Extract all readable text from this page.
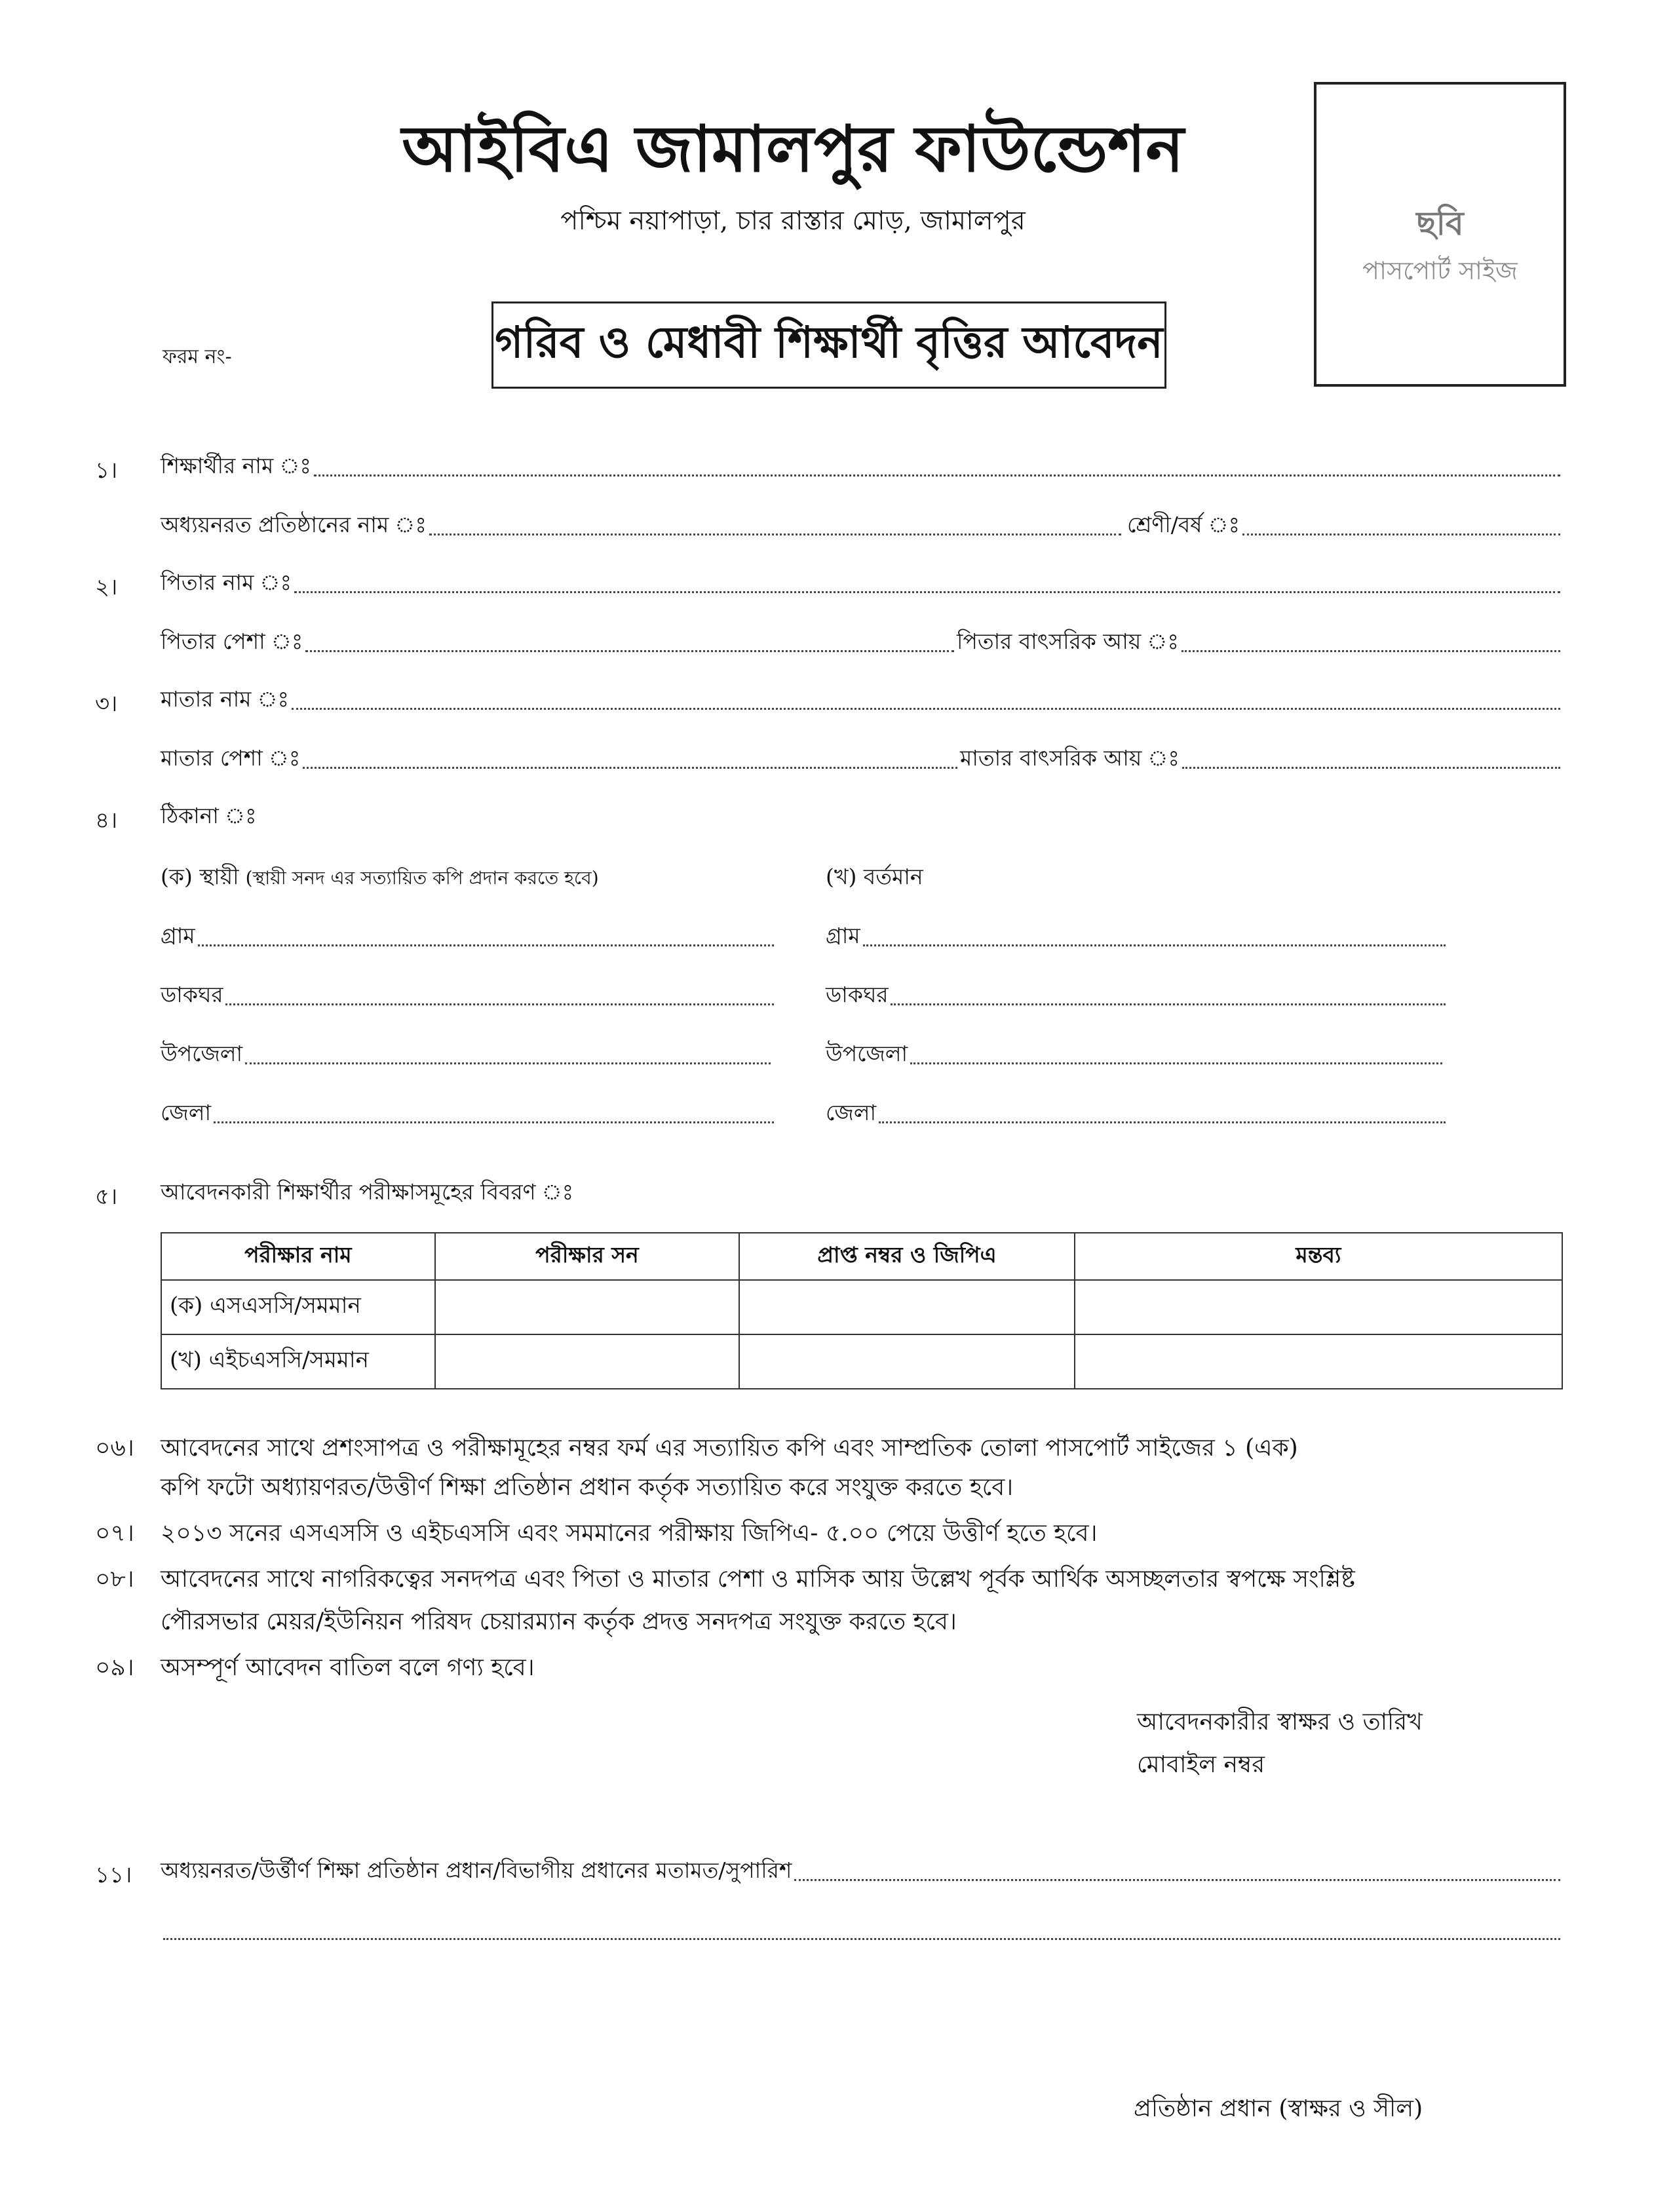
আইবিএ জামালপুর ফাউন্ডেশন
পশ্চিম নয়াপাড়া, চার রাস্তার মোড়, জামালপুর	ছবি
পাসপোর্ট সাইজ
ফরম নং-	গরিব ও মেধাবী শিক্ষার্থী বৃত্তির আবেদন
১। শিক্ষার্থীর নাম ঃ
অধ্যয়নরত প্রতিষ্ঠানের নাম ঃ	শ্রেণী/বর্ষ ঃ
২। পিতার নাম ঃ
পিতার পেশা ঃ	পিতার বাৎসরিক আয় ঃ
৩। মাতার নাম ঃ
মাতার পেশা ঃ	মাতার বাৎসরিক আয় ঃ
৪। ঠিকানা ঃ
(ক) স্থায়ী (স্থায়ী সনদ এর সত্যায়িত কপি প্রদান করতে হবে)	(খ) বর্তমান
গ্রাম	গ্রাম
ডাকঘর	ডাকঘর
উপজেলা	উপজেলা
জেলা	জেলা
৫। আবেদনকারী শিক্ষার্থীর পরীক্ষাসমূহের বিবরণ ঃ
পরীক্ষার নাম	পরীক্ষার সন	প্রাপ্ত নম্বর ও জিপিএ	মন্তব্য
(ক) এসএসসি/সমমান			
(খ) এইচএসসি/সমমান			
০৬। আবেদনের সাথে প্রশংসাপত্র ও পরীক্ষামূহের নম্বর ফর্ম এর সত্যায়িত কপি এবং সাম্প্রতিক তোলা পাসপোর্ট সাইজের ১ (এক)
কপি ফটো অধ্যায়ণরত/উত্তীর্ণ শিক্ষা প্রতিষ্ঠান প্রধান কর্তৃক সত্যায়িত করে সংযুক্ত করতে হবে।
০৭। ২০১৩ সনের এসএসসি ও এইচএসসি এবং সমমানের পরীক্ষায় জিপিএ- ৫.০০ পেয়ে উত্তীর্ণ হতে হবে।
০৮। আবেদনের সাথে নাগরিকত্বের সনদপত্র এবং পিতা ও মাতার পেশা ও মাসিক আয় উল্লেখ পূর্বক আর্থিক অসচ্ছলতার স্বপক্ষে সংশ্লিষ্ট
পৌরসভার মেয়র/ইউনিয়ন পরিষদ চেয়ারম্যান কর্তৃক প্রদত্ত সনদপত্র সংযুক্ত করতে হবে।
০৯। অসম্পূর্ণ আবেদন বাতিল বলে গণ্য হবে।
আবেদনকারীর স্বাক্ষর ও তারিখ
মোবাইল নম্বর
১১। অধ্যয়নরত/উর্ত্তীর্ণ শিক্ষা প্রতিষ্ঠান প্রধান/বিভাগীয় প্রধানের মতামত/সুপারিশ
প্রতিষ্ঠান প্রধান (স্বাক্ষর ও সীল)
